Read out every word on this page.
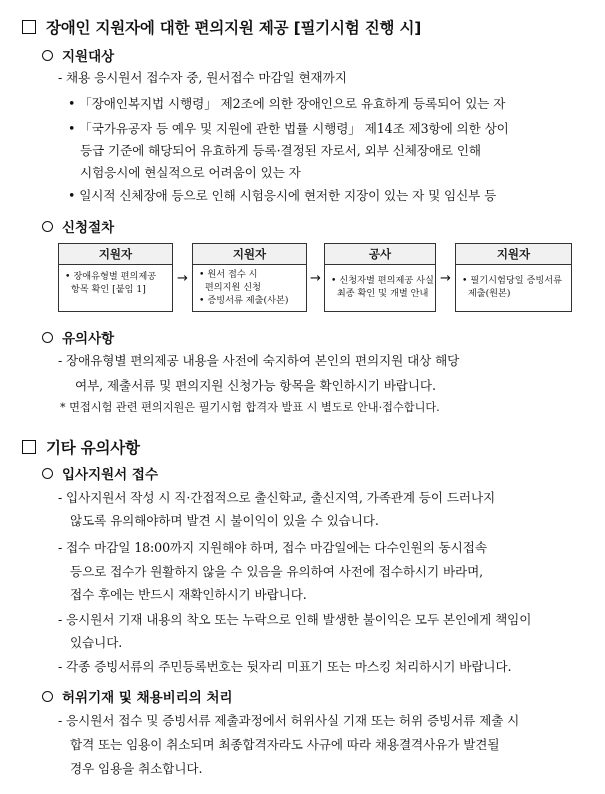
장애인 지원자에 대한 편의지원 제공 [필기시험 진행 시]
지원대상
- 채용 응시원서 접수자 중, 원서접수 마감일 현재까지
• 「장애인복지법 시행령」 제2조에 의한 장애인으로 유효하게 등록되어 있는 자
• 「국가유공자 등 예우 및 지원에 관한 법률 시행령」 제14조 제3항에 의한 상이
등급 기준에 해당되어 유효하게 등록·결정된 자로서, 외부 신체장애로 인해
시험응시에 현실적으로 어려움이 있는 자
• 일시적 신체장애 등으로 인해 시험응시에 현저한 지장이 있는 자 및 임신부 등
신청절차
지원자
• 장애유형별 편의제공
항목 확인 [붙임 1]
→
지원자
• 원서 접수 시
편의지원 신청
• 증빙서류 제출(사본)
→
공사
• 신청자별 편의제공 사실
최종 확인 및 개별 안내
→
지원자
• 필기시험당일 증빙서류
제출(원본)
유의사항
- 장애유형별 편의제공 내용을 사전에 숙지하여 본인의 편의지원 대상 해당
여부, 제출서류 및 편의지원 신청가능 항목을 확인하시기 바랍니다.
* 면접시험 관련 편의지원은 필기시험 합격자 발표 시 별도로 안내·접수합니다.
기타 유의사항
입사지원서 접수
- 입사지원서 작성 시 직·간접적으로 출신학교, 출신지역, 가족관계 등이 드러나지
않도록 유의해야하며 발견 시 불이익이 있을 수 있습니다.
- 접수 마감일 18:00까지 지원해야 하며, 접수 마감일에는 다수인원의 동시접속
등으로 접수가 원활하지 않을 수 있음을 유의하여 사전에 접수하시기 바라며,
접수 후에는 반드시 재확인하시기 바랍니다.
- 응시원서 기재 내용의 착오 또는 누락으로 인해 발생한 불이익은 모두 본인에게 책임이
있습니다.
- 각종 증빙서류의 주민등록번호는 뒷자리 미표기 또는 마스킹 처리하시기 바랍니다.
허위기재 및 채용비리의 처리
- 응시원서 접수 및 증빙서류 제출과정에서 허위사실 기재 또는 허위 증빙서류 제출 시
합격 또는 임용이 취소되며 최종합격자라도 사규에 따라 채용결격사유가 발견될
경우 임용을 취소합니다.
